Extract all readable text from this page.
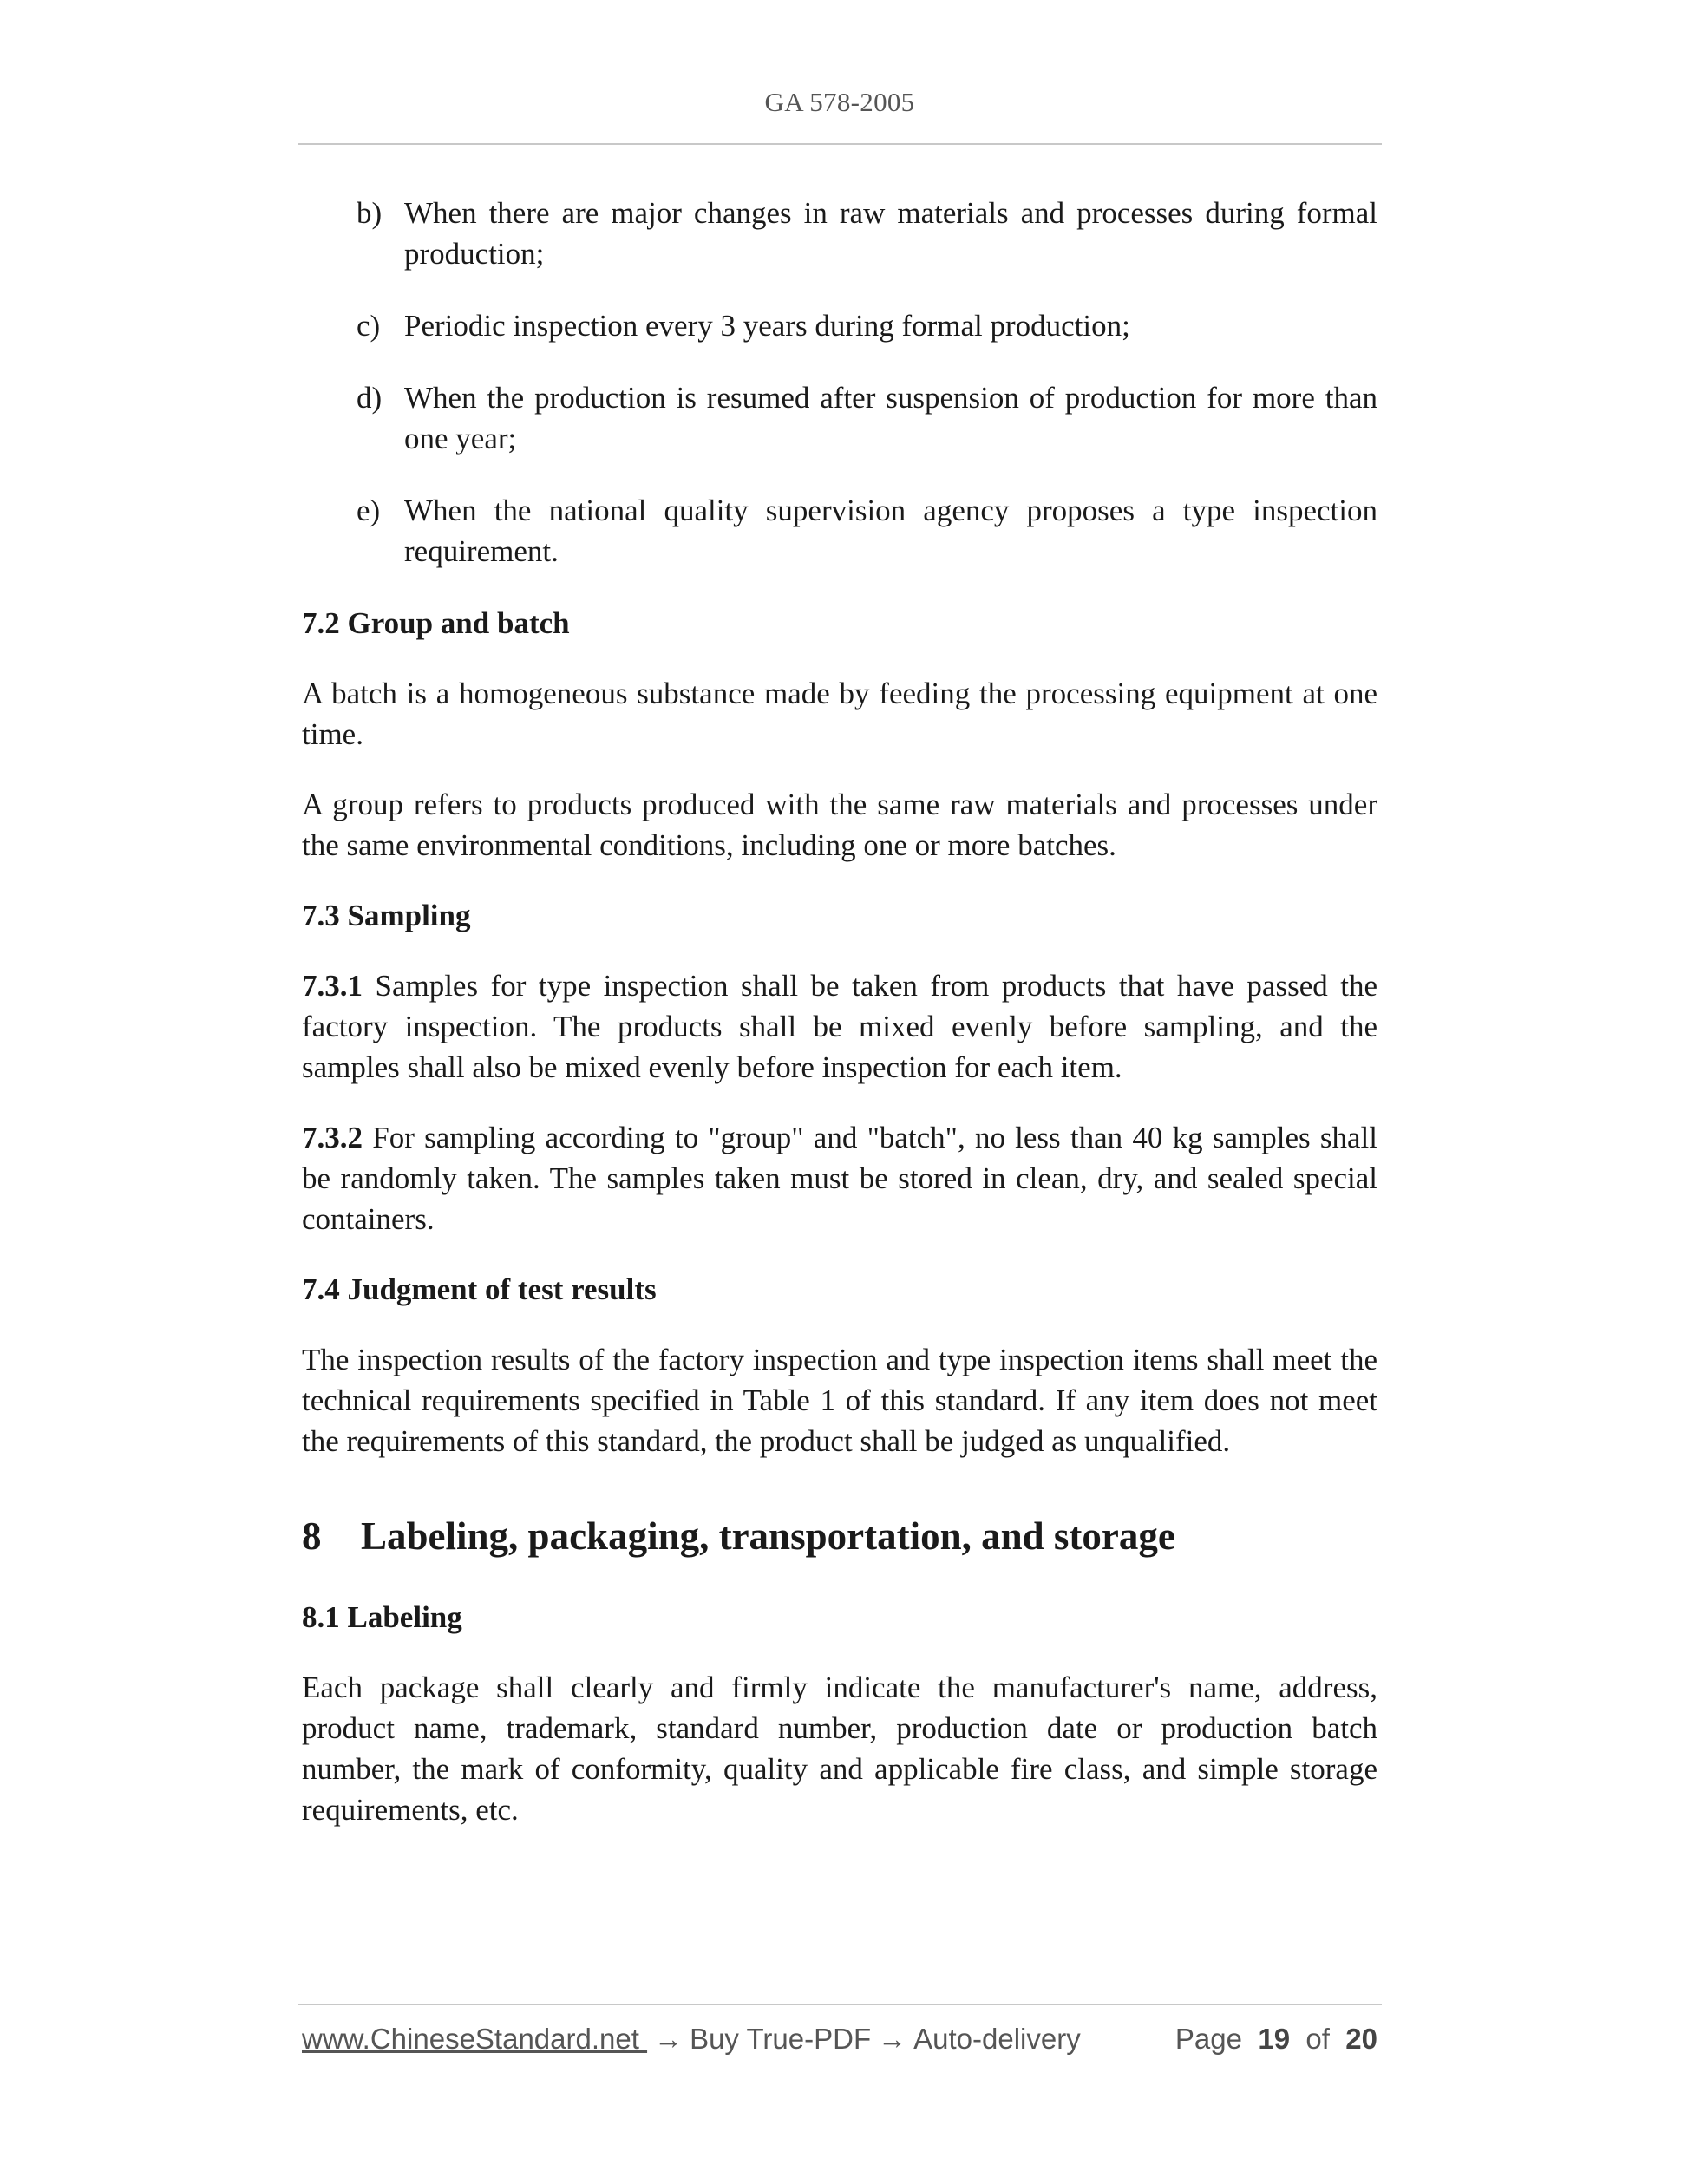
GA 578-2005
b) When there are major changes in raw materials and processes during formal production;
c) Periodic inspection every 3 years during formal production;
d) When the production is resumed after suspension of production for more than one year;
e) When the national quality supervision agency proposes a type inspection requirement.
7.2 Group and batch
A batch is a homogeneous substance made by feeding the processing equipment at one time.
A group refers to products produced with the same raw materials and processes under the same environmental conditions, including one or more batches.
7.3 Sampling
7.3.1 Samples for type inspection shall be taken from products that have passed the factory inspection. The products shall be mixed evenly before sampling, and the samples shall also be mixed evenly before inspection for each item.
7.3.2 For sampling according to "group" and "batch", no less than 40 kg samples shall be randomly taken. The samples taken must be stored in clean, dry, and sealed special containers.
7.4 Judgment of test results
The inspection results of the factory inspection and type inspection items shall meet the technical requirements specified in Table 1 of this standard. If any item does not meet the requirements of this standard, the product shall be judged as unqualified.
8 Labeling, packaging, transportation, and storage
8.1 Labeling
Each package shall clearly and firmly indicate the manufacturer's name, address, product name, trademark, standard number, production date or production batch number, the mark of conformity, quality and applicable fire class, and simple storage requirements, etc.
www.ChineseStandard.net → Buy True-PDF → Auto-delivery	Page 19 of 20
